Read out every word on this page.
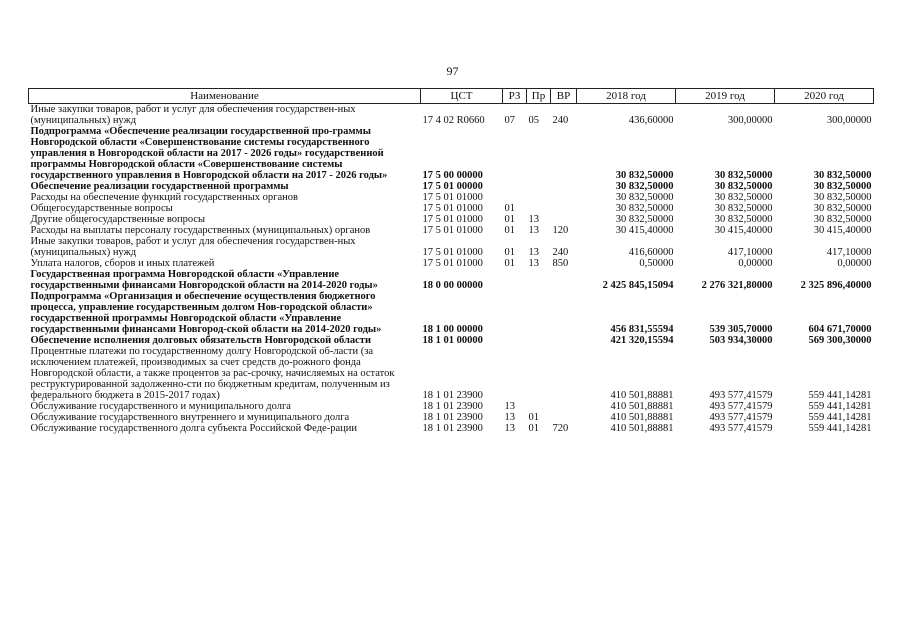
97
Наименование	ЦСТ	РЗ	Пр	ВР	2018 год	2019 год	2020 год
Иные закупки товаров, работ и услуг для обеспечения государствен-ных (муниципальных) нужд	17 4 02 R0660	07	05	240	436,60000	300,00000	300,00000
Подпрограмма «Обеспечение реализации государственной про-граммы Новгородской области «Совершенствование системы государственного управления в Новгородской области на 2017 - 2026 годы» государственной программы Новгородской области «Совершенствование системы государственного управления в Новгородской области на 2017 - 2026 годы»	17 5 00 00000				30 832,50000	30 832,50000	30 832,50000
Обеспечение реализации государственной программы	17 5 01 00000				30 832,50000	30 832,50000	30 832,50000
Расходы на обеспечение функций государственных органов	17 5 01 01000				30 832,50000	30 832,50000	30 832,50000
Общегосударственные вопросы	17 5 01 01000	01			30 832,50000	30 832,50000	30 832,50000
Другие общегосударственные вопросы	17 5 01 01000	01	13		30 832,50000	30 832,50000	30 832,50000
Расходы на выплаты персоналу государственных (муниципальных) органов	17 5 01 01000	01	13	120	30 415,40000	30 415,40000	30 415,40000
Иные закупки товаров, работ и услуг для обеспечения государствен-ных (муниципальных) нужд	17 5 01 01000	01	13	240	416,60000	417,10000	417,10000
Уплата налогов, сборов и иных платежей	17 5 01 01000	01	13	850	0,50000	0,00000	0,00000
Государственная программа Новгородской области «Управление государственными финансами Новгородской области на 2014-2020 годы»	18 0 00 00000				2 425 845,15094	2 276 321,80000	2 325 896,40000
Подпрограмма «Организация и обеспечение осуществления бюджетного процесса, управление государственным долгом Нов-городской области» государственной программы Новгородской области «Управление государственными финансами Новгород-ской области на 2014-2020 годы»	18 1 00 00000				456 831,55594	539 305,70000	604 671,70000
Обеспечение исполнения долговых обязательств Новгородской области	18 1 01 00000				421 320,15594	503 934,30000	569 300,30000
Процентные платежи по государственному долгу Новгородской об-ласти (за исключением платежей, производимых за счет средств до-рожного фонда Новгородской области, а также процентов за рас-срочку, начисляемых на остаток реструктурированной задолженно-сти по бюджетным кредитам, полученным из федерального бюджета в 2015-2017 годах)	18 1 01 23900				410 501,88881	493 577,41579	559 441,14281
Обслуживание государственного и муниципального долга	18 1 01 23900	13			410 501,88881	493 577,41579	559 441,14281
Обслуживание государственного внутреннего и муниципального долга	18 1 01 23900	13	01		410 501,88881	493 577,41579	559 441,14281
Обслуживание государственного долга субъекта Российской Феде-рации	18 1 01 23900	13	01	720	410 501,88881	493 577,41579	559 441,14281
